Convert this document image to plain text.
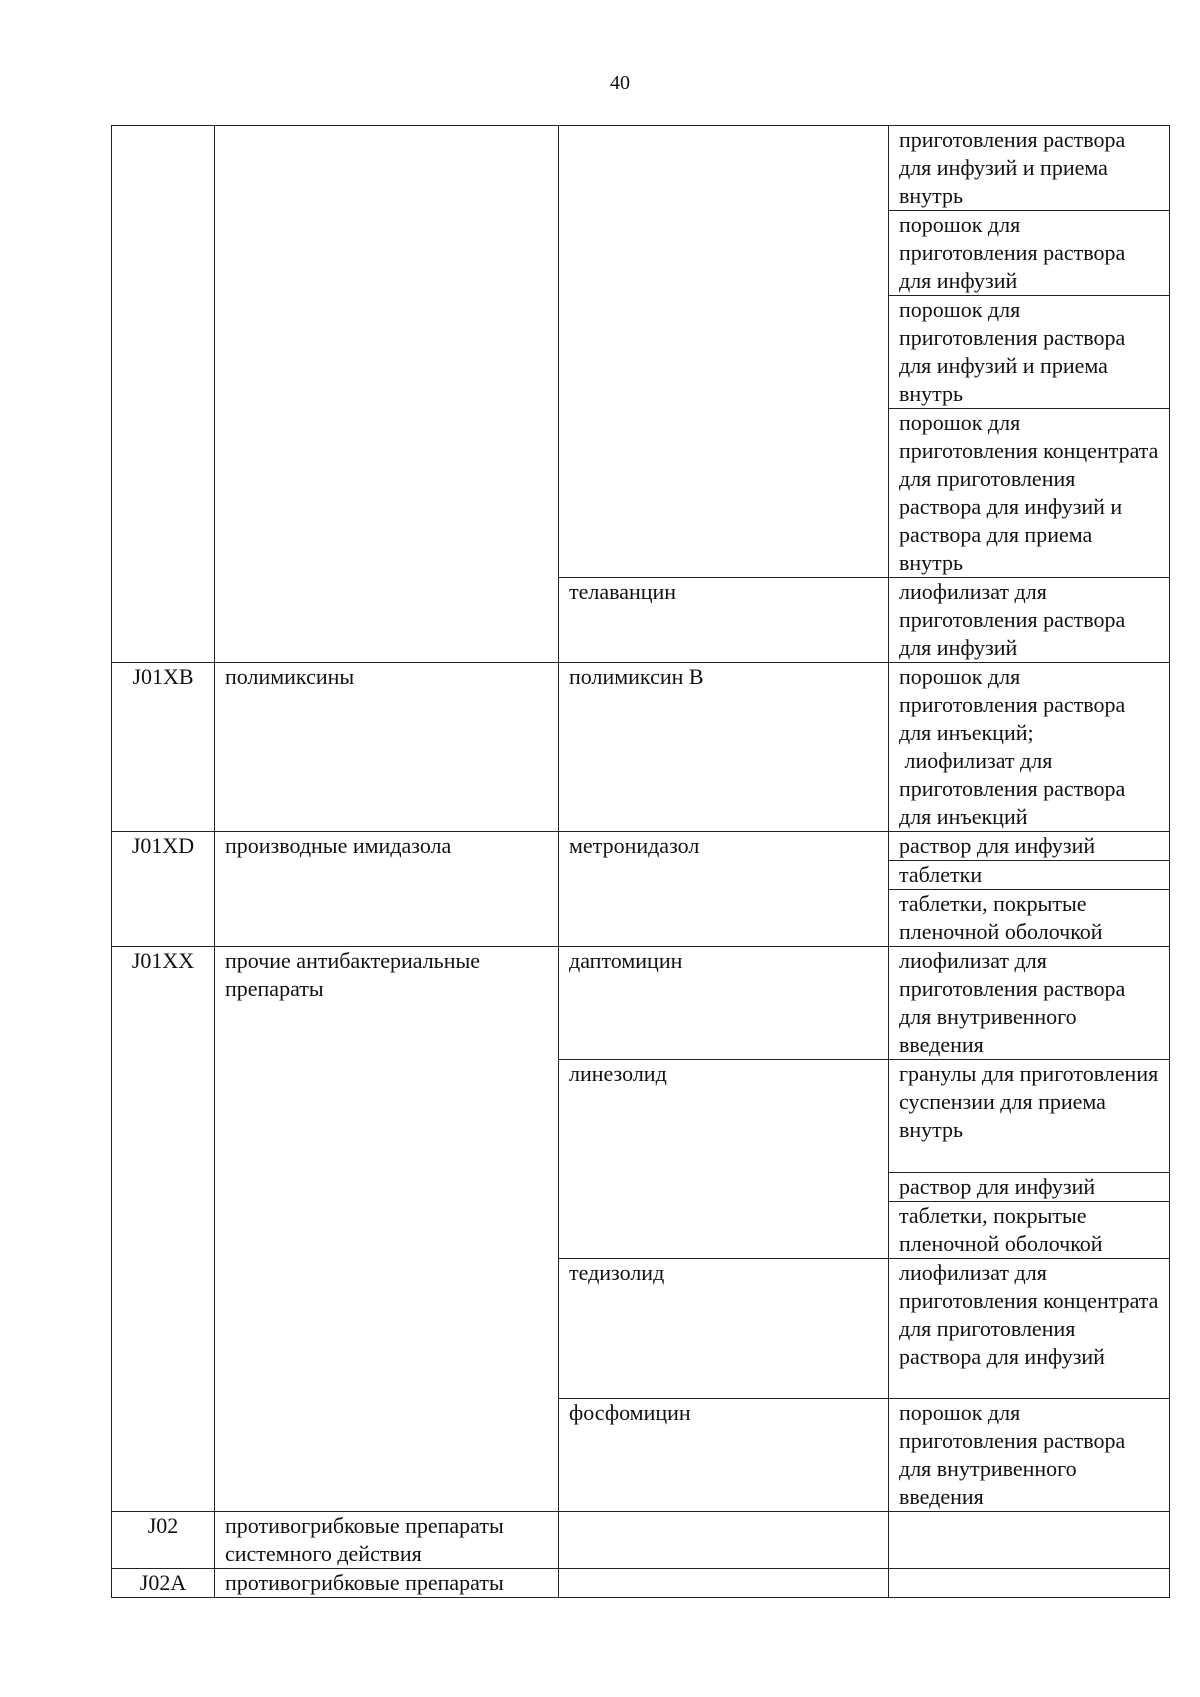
40
			приготовления раствора для инфузий и приема внутрь
			порошок для приготовления раствора для инфузий
			порошок для приготовления раствора для инфузий и приема внутрь
			порошок для приготовления концентрата для приготовления раствора для инфузий и раствора для приема внутрь
		телаванцин	лиофилизат для приготовления раствора для инфузий
J01XB	полимиксины	полимиксин В	порошок для приготовления раствора для инъекций;
лиофилизат для приготовления раствора для инъекций

J01XD	производные имидазола	метронидазол	раствор для инфузий
			таблетки
			таблетки, покрытые пленочной оболочкой
J01XX	прочие антибактериальные препараты	даптомицин	лиофилизат для приготовления раствора для внутривенного введения
		линезолид	гранулы для приготовления суспензии для приема внутрь
			раствор для инфузий
			таблетки, покрытые пленочной оболочкой
		тедизолид	лиофилизат для приготовления концентрата для приготовления раствора для инфузий
		фосфомицин	порошок для приготовления раствора для внутривенного введения
J02	противогрибковые препараты системного действия		
J02A	противогрибковые препараты		
